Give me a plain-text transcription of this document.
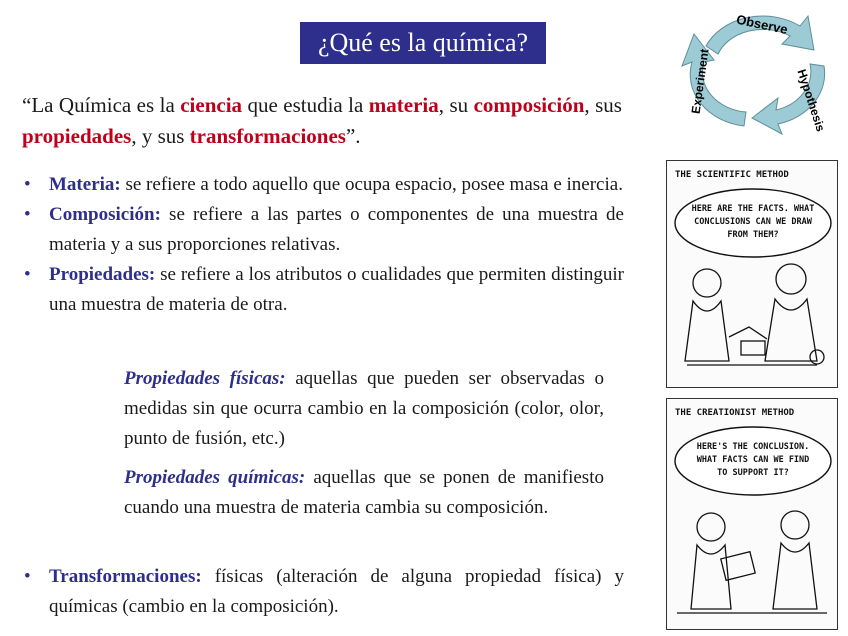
¿Qué es la química?

“La Química es la ciencia que estudia la materia, su composición, sus propiedades, y sus transformaciones”.

• Materia: se refiere a todo aquello que ocupa espacio, posee masa e inercia.
• Composición: se refiere a las partes o componentes de una muestra de materia y a sus proporciones relativas.
• Propiedades: se refiere a los atributos o cualidades que permiten distinguir una muestra de materia de otra.

Propiedades físicas: aquellas que pueden ser observadas o medidas sin que ocurra cambio en la composición (color, olor, punto de fusión, etc.)

Propiedades químicas: aquellas que se ponen de manifiesto cuando una muestra de materia cambia su composición.

• Transformaciones: físicas (alteración de alguna propiedad física) y químicas (cambio en la composición).
Observe
Hypothesis
Experiment
THE SCIENTIFIC METHOD
HERE ARE THE FACTS. WHAT
CONCLUSIONS CAN WE DRAW
FROM THEM?
THE CREATIONIST METHOD
HERE'S THE CONCLUSION.
WHAT FACTS CAN WE FIND
TO SUPPORT IT?
